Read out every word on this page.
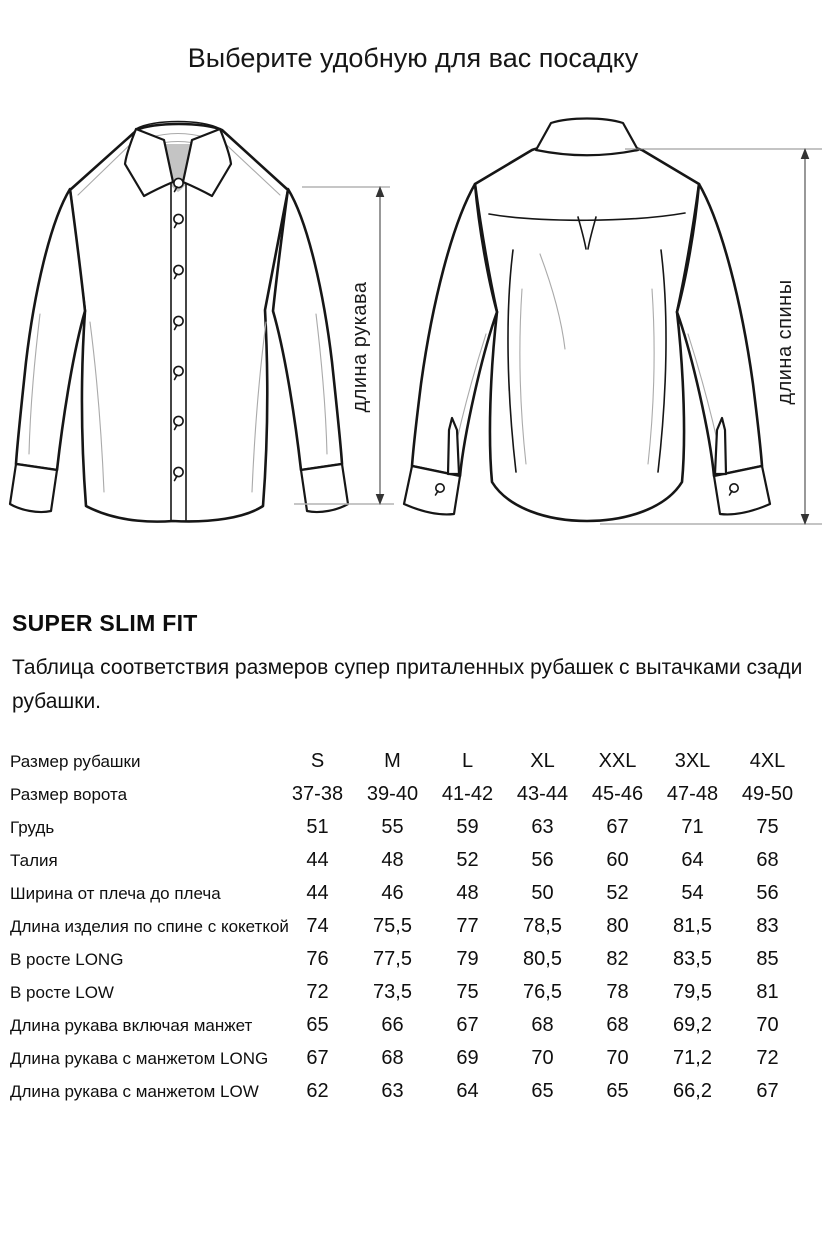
Выберите удобную для вас посадку
длина рукава	длина спины
SUPER SLIM FIT

Таблица соответствия размеров супер приталенных рубашек с вытачками сзади рубашки.

Размер рубашки	S	M	L	XL	XXL	3XL	4XL
Размер ворота	37-38	39-40	41-42	43-44	45-46	47-48	49-50
Грудь	51	55	59	63	67	71	75
Талия	44	48	52	56	60	64	68
Ширина от плеча до плеча	44	46	48	50	52	54	56
Длина изделия по спине с кокеткой	74	75,5	77	78,5	80	81,5	83
В росте LONG	76	77,5	79	80,5	82	83,5	85
В росте LOW	72	73,5	75	76,5	78	79,5	81
Длина рукава включая манжет	65	66	67	68	68	69,2	70
Длина рукава с манжетом LONG	67	68	69	70	70	71,2	72
Длина рукава с манжетом LOW	62	63	64	65	65	66,2	67
